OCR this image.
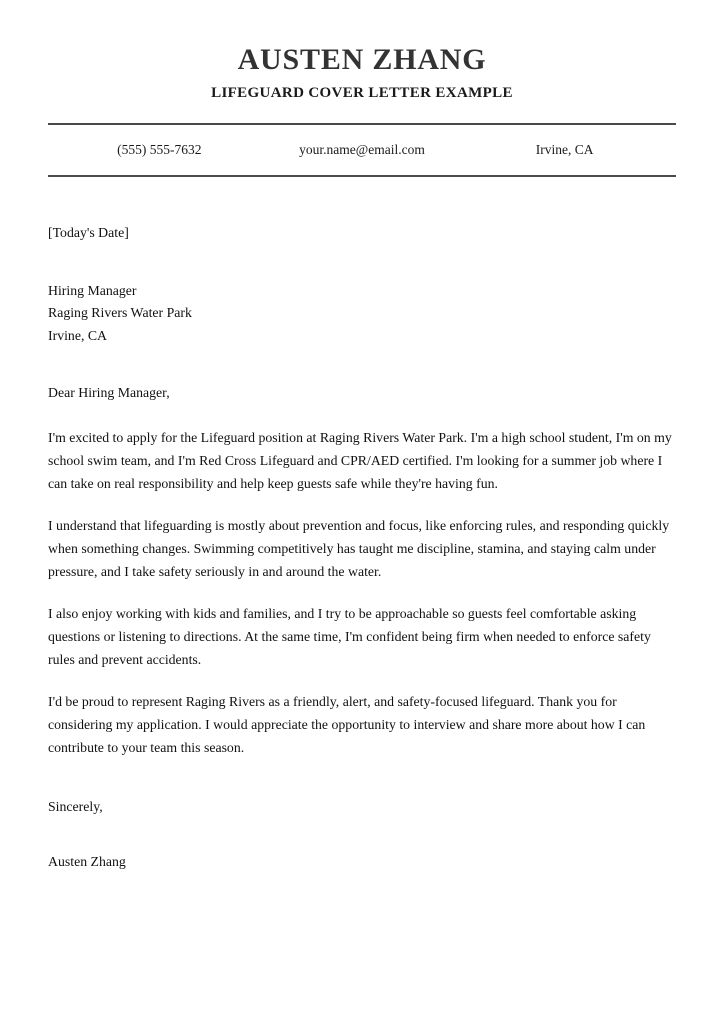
AUSTEN ZHANG
LIFEGUARD COVER LETTER EXAMPLE
(555) 555-7632	your.name@email.com	Irvine, CA

[Today's Date]

Hiring Manager

Raging Rivers Water Park

Irvine, CA

Dear Hiring Manager,

I'm excited to apply for the Lifeguard position at Raging Rivers Water Park. I'm a high school student, I'm on my school swim team, and I'm Red Cross Lifeguard and CPR/AED certified. I'm looking for a summer job where I can take on real responsibility and help keep guests safe while they're having fun.

I understand that lifeguarding is mostly about prevention and focus, like enforcing rules, and responding quickly when something changes. Swimming competitively has taught me discipline, stamina, and staying calm under pressure, and I take safety seriously in and around the water.

I also enjoy working with kids and families, and I try to be approachable so guests feel comfortable asking questions or listening to directions. At the same time, I'm confident being firm when needed to enforce safety rules and prevent accidents.

I'd be proud to represent Raging Rivers as a friendly, alert, and safety-focused lifeguard. Thank you for considering my application. I would appreciate the opportunity to interview and share more about how I can contribute to your team this season.

Sincerely,

Austen Zhang
